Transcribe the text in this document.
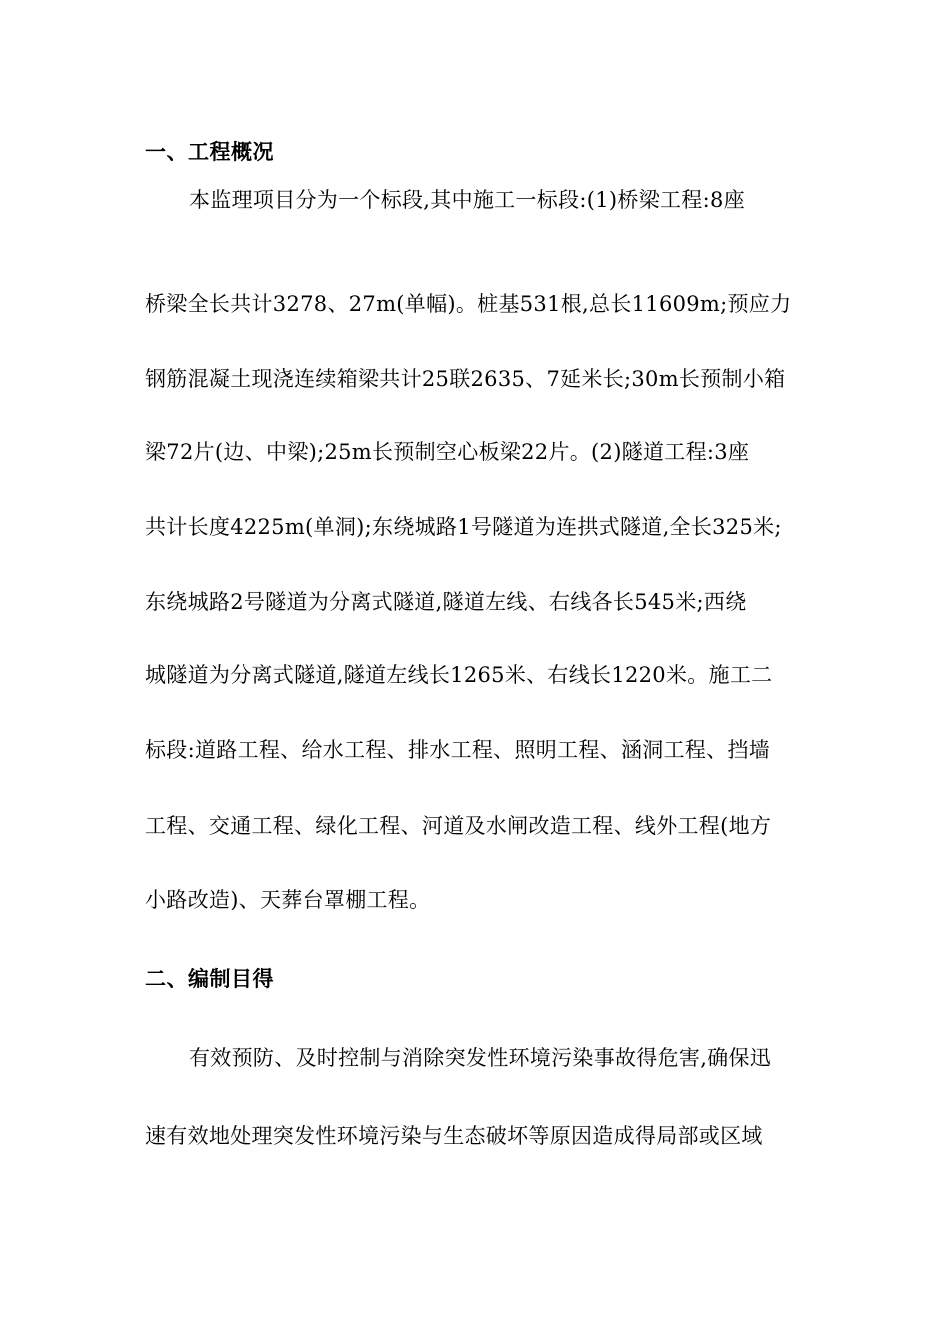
一、工程概况
本监理项目分为一个标段,其中施工一标段:(1)桥梁工程:8座
桥梁全长共计3278、27m(单幅)。桩基531根,总长11609m;预应力
钢筋混凝土现浇连续箱梁共计25联2635、7延米长;30m长预制小箱
梁72片(边、中梁);25m长预制空心板梁22片。(2)隧道工程:3座
共计长度4225m(单洞);东绕城路1号隧道为连拱式隧道,全长325米;
东绕城路2号隧道为分离式隧道,隧道左线、右线各长545米;西绕
城隧道为分离式隧道,隧道左线长1265米、右线长1220米。施工二
标段:道路工程、给水工程、排水工程、照明工程、涵洞工程、挡墙
工程、交通工程、绿化工程、河道及水闸改造工程、线外工程(地方
小路改造)、天葬台罩棚工程。
二、编制目得
有效预防、及时控制与消除突发性环境污染事故得危害,确保迅
速有效地处理突发性环境污染与生态破坏等原因造成得局部或区域
